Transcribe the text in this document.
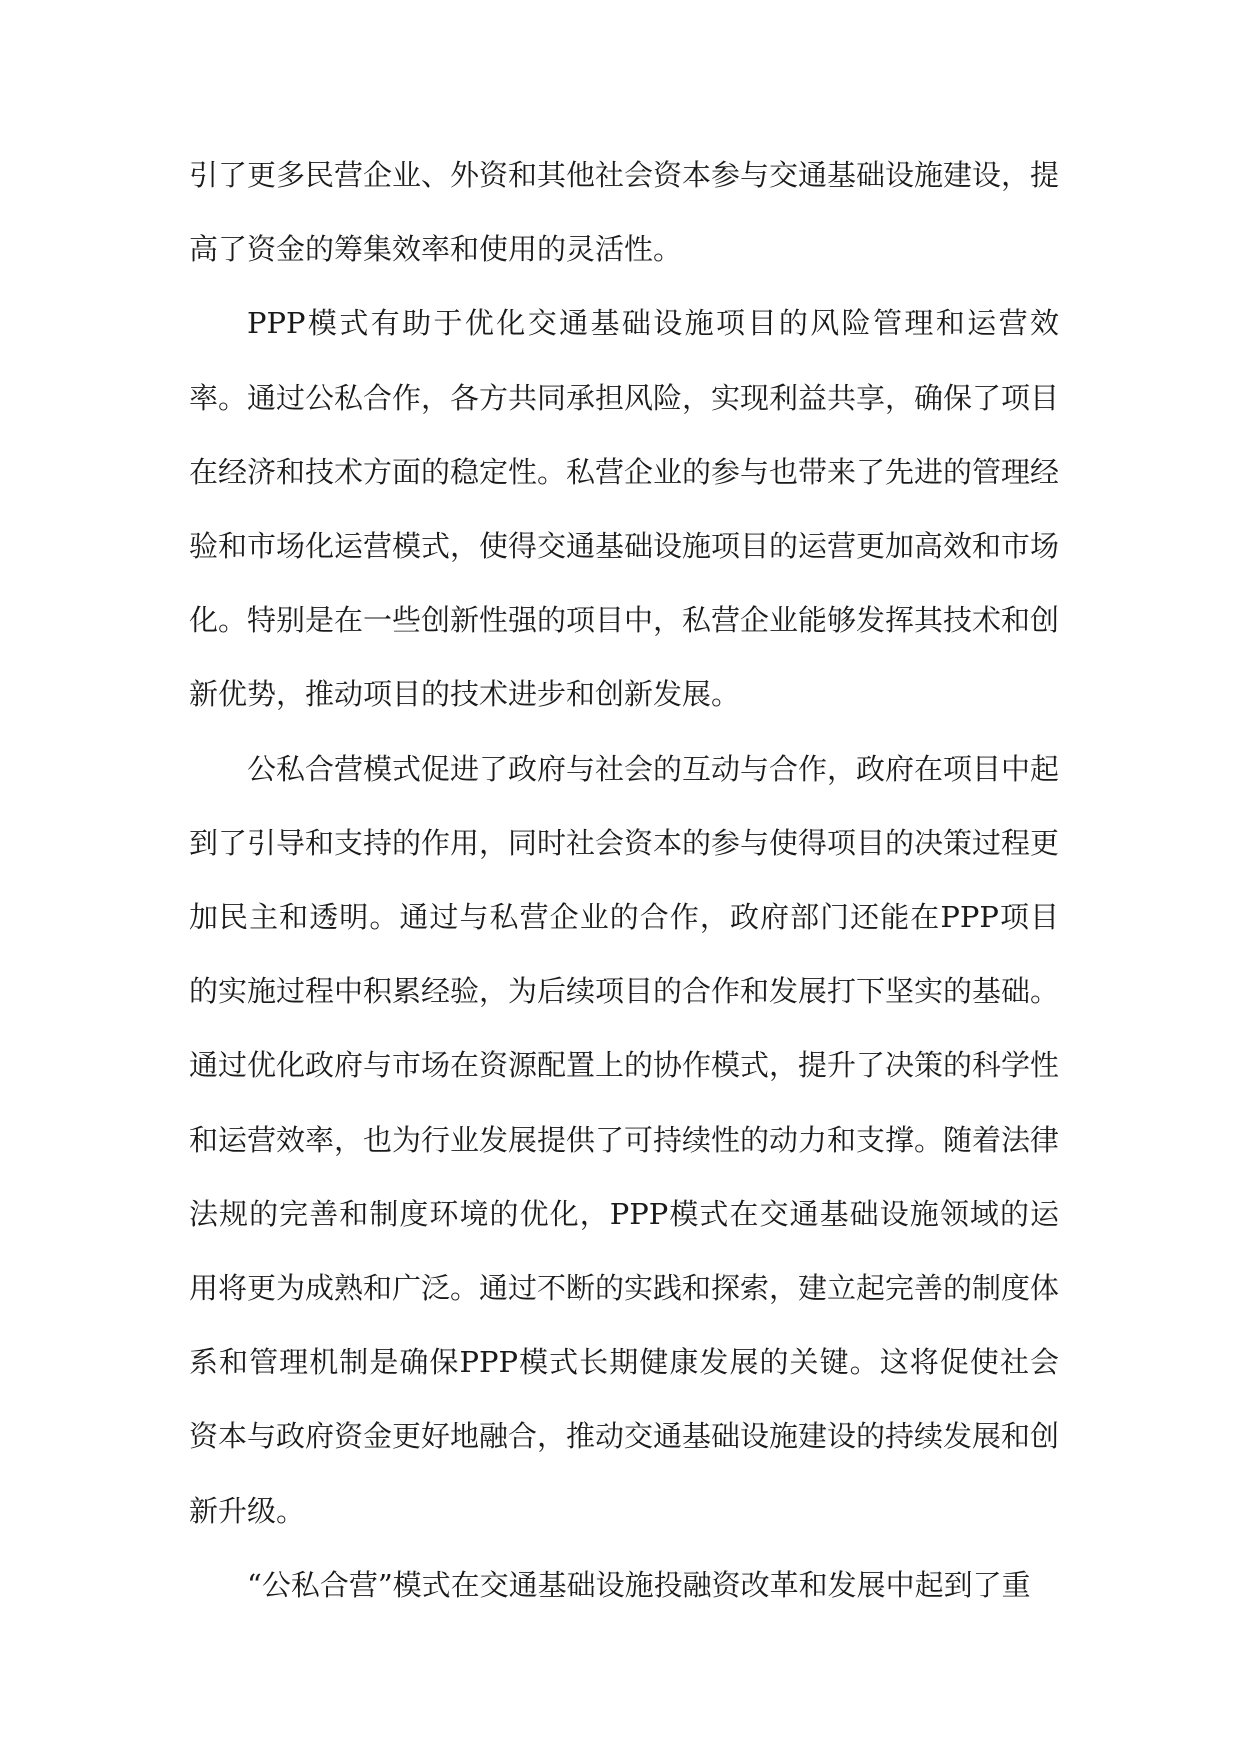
引了更多民营企业、外资和其他社会资本参与交通基础设施建设，提高了资金的筹集效率和使用的灵活性。

PPP模式有助于优化交通基础设施项目的风险管理和运营效率。通过公私合作，各方共同承担风险，实现利益共享，确保了项目在经济和技术方面的稳定性。私营企业的参与也带来了先进的管理经验和市场化运营模式，使得交通基础设施项目的运营更加高效和市场化。特别是在一些创新性强的项目中，私营企业能够发挥其技术和创新优势，推动项目的技术进步和创新发展。

公私合营模式促进了政府与社会的互动与合作，政府在项目中起到了引导和支持的作用，同时社会资本的参与使得项目的决策过程更加民主和透明。通过与私营企业的合作，政府部门还能在PPP项目的实施过程中积累经验，为后续项目的合作和发展打下坚实的基础。通过优化政府与市场在资源配置上的协作模式，提升了决策的科学性和运营效率，也为行业发展提供了可持续性的动力和支撑。随着法律法规的完善和制度环境的优化，PPP模式在交通基础设施领域的运用将更为成熟和广泛。通过不断的实践和探索，建立起完善的制度体系和管理机制是确保PPP模式长期健康发展的关键。这将促使社会资本与政府资金更好地融合，推动交通基础设施建设的持续发展和创新升级。

“公私合营”模式在交通基础设施投融资改革和发展中起到了重
